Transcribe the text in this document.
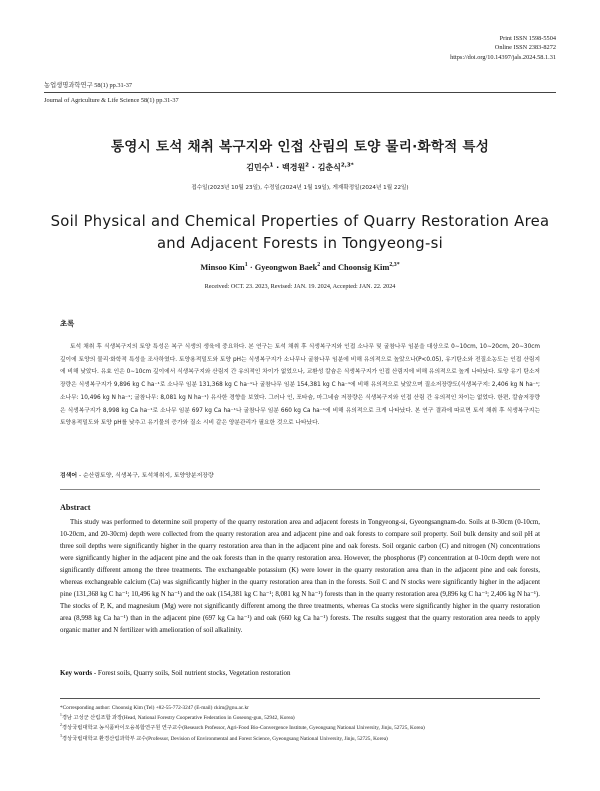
Print ISSN 1598-5504
Online ISSN 2383-8272
https://doi.org/10.14397/jals.2024.58.1.31
농업생명과학연구 58(1) pp.31-37
Journal of Agriculture & Life Science 58(1) pp.31-37
통영시 토석 채취 복구지와 인접 산림의 토양 물리·화학적 특성
김민수$^1$ · 백경원$^2$ · 김춘식$^{2,3*}$
접수일(2023년 10월 23일), 수정일(2024년 1월 19일), 게재확정일(2024년 1월 22일)
Soil Physical and Chemical Properties of Quarry Restoration Area and Adjacent Forests in Tongyeong-si
Minsoo Kim$^1$ · Gyeongwon Baek$^2$ and Choonsig Kim$^{2,3*}$
Received: OCT. 23. 2023, Revised: JAN. 19. 2024, Accepted: JAN. 22. 2024
초록
토석 채취 후 식생복구지의 토양 특성은 복구 식생의 생육에 중요하다. 본 연구는 토석 채취 후 식생복구지와 인접 소나무 및 굴참나무 임분을 대상으로 0∼10cm, 10∼20cm, 20∼30cm 깊이에 토양의 물리·화학적 특성을 조사하였다. 토양용적밀도와 토양 pH는 식생복구지가 소나무나 굴참나무 임분에 비해 유의적으로 높았으나(P<0.05), 유기탄소와 전질소농도는 인접 산림지에 비해 낮았다. 유효 인은 0∼10cm 깊이에서 식생복구지와 산림지 간 유의적인 차이가 없었으나, 교환성 칼슘은 식생복구지가 인접 산림지에 비해 유의적으로 높게 나타났다. 토양 유기 탄소저장량은 식생복구지가 9,896 kg C ha⁻¹로 소나무 임분 131,368 kg C ha⁻¹나 굴참나무 임분 154,381 kg C ha⁻¹에 비해 유의적으로 낮았으며 질소저장량도(식생복구지: 2,406 kg N ha⁻¹; 소나무: 10,496 kg N ha⁻¹; 굴참나무: 8,081 kg N ha⁻¹) 유사한 경향을 보였다. 그러나 인, 포타슘, 마그네슘 저장량은 식생복구지와 인접 산림 간 유의적인 차이는 없었다. 한편, 칼슘저장량은 식생복구지가 8,998 kg Ca ha⁻¹로 소나무 임분 697 kg Ca ha⁻¹나 굴참나무 임분 660 kg Ca ha⁻¹에 비해 유의적으로 크게 나타났다. 본 연구 결과에 따르면 토석 채취 후 식생복구지는 토양용적밀도와 토양 pH를 낮추고 유기물의 증가와 질소 시비 같은 양분관리가 필요한 것으로 나타났다.
검색어 - 순산림토양, 식생복구, 토석채취지, 토양양분저장량
Abstract
This study was performed to determine soil property of the quarry restoration area and adjacent forests in Tongyeong-si, Gyeongsangnam-do. Soils at 0-30cm (0-10cm, 10-20cm, and 20-30cm) depth were collected from the quarry restoration area and adjacent pine and oak forests to compare soil property. Soil bulk density and soil pH at three soil depths were significantly higher in the quarry restoration area than in the adjacent pine and oak forests. Soil organic carbon (C) and nitrogen (N) concentrations were significantly higher in the adjacent pine and the oak forests than in the quarry restoration area. However, the phosphorus (P) concentration at 0-10cm depth were not significantly different among the three treatments. The exchangeable potassium (K) were lower in the quarry restoration area than in the adjacent pine and oak forests, whereas exchangeable calcium (Ca) was significantly higher in the quarry restoration area than in the forests. Soil C and N stocks were significantly higher in the adjacent pine (131,368 kg C ha⁻¹; 10,496 kg N ha⁻¹) and the oak (154,381 kg C ha⁻¹; 8,081 kg N ha⁻¹) forests than in the quarry restoration area (9,896 kg C ha⁻¹; 2,406 kg N ha⁻¹). The stocks of P, K, and magnesium (Mg) were not significantly different among the three treatments, whereas Ca stocks were significantly higher in the quarry restoration area (8,998 kg Ca ha⁻¹) than in the adjacent pine (697 kg Ca ha⁻¹) and oak (660 kg Ca ha⁻¹) forests. The results suggest that the quarry restoration area needs to apply organic matter and N fertilizer with amelioration of soil alkalinity.
Key words - Forest soils, Quarry soils, Soil nutrient stocks, Vegetation restoration
*Corresponding author: Choonsig Kim (Tel) +82-55-772-3247 (E-mail) ckim@gnu.ac.kr
$^1$경남 고성군 산림조합 과장(Head, National Forestry Cooperative Federation in Goseong-gun, 52942, Korea)
$^2$경상국립대학교 농식품바이오융복합연구원 연구교수(Research Professor, Agri-Food Bio-Convergence Institute, Gyeongsang National University, Jinju, 52725, Korea)
$^3$경상국립대학교 환경산림과학부 교수(Professor, Devision of Environmental and Forest Science, Gyeongsang National University, Jinju, 52725, Korea)
